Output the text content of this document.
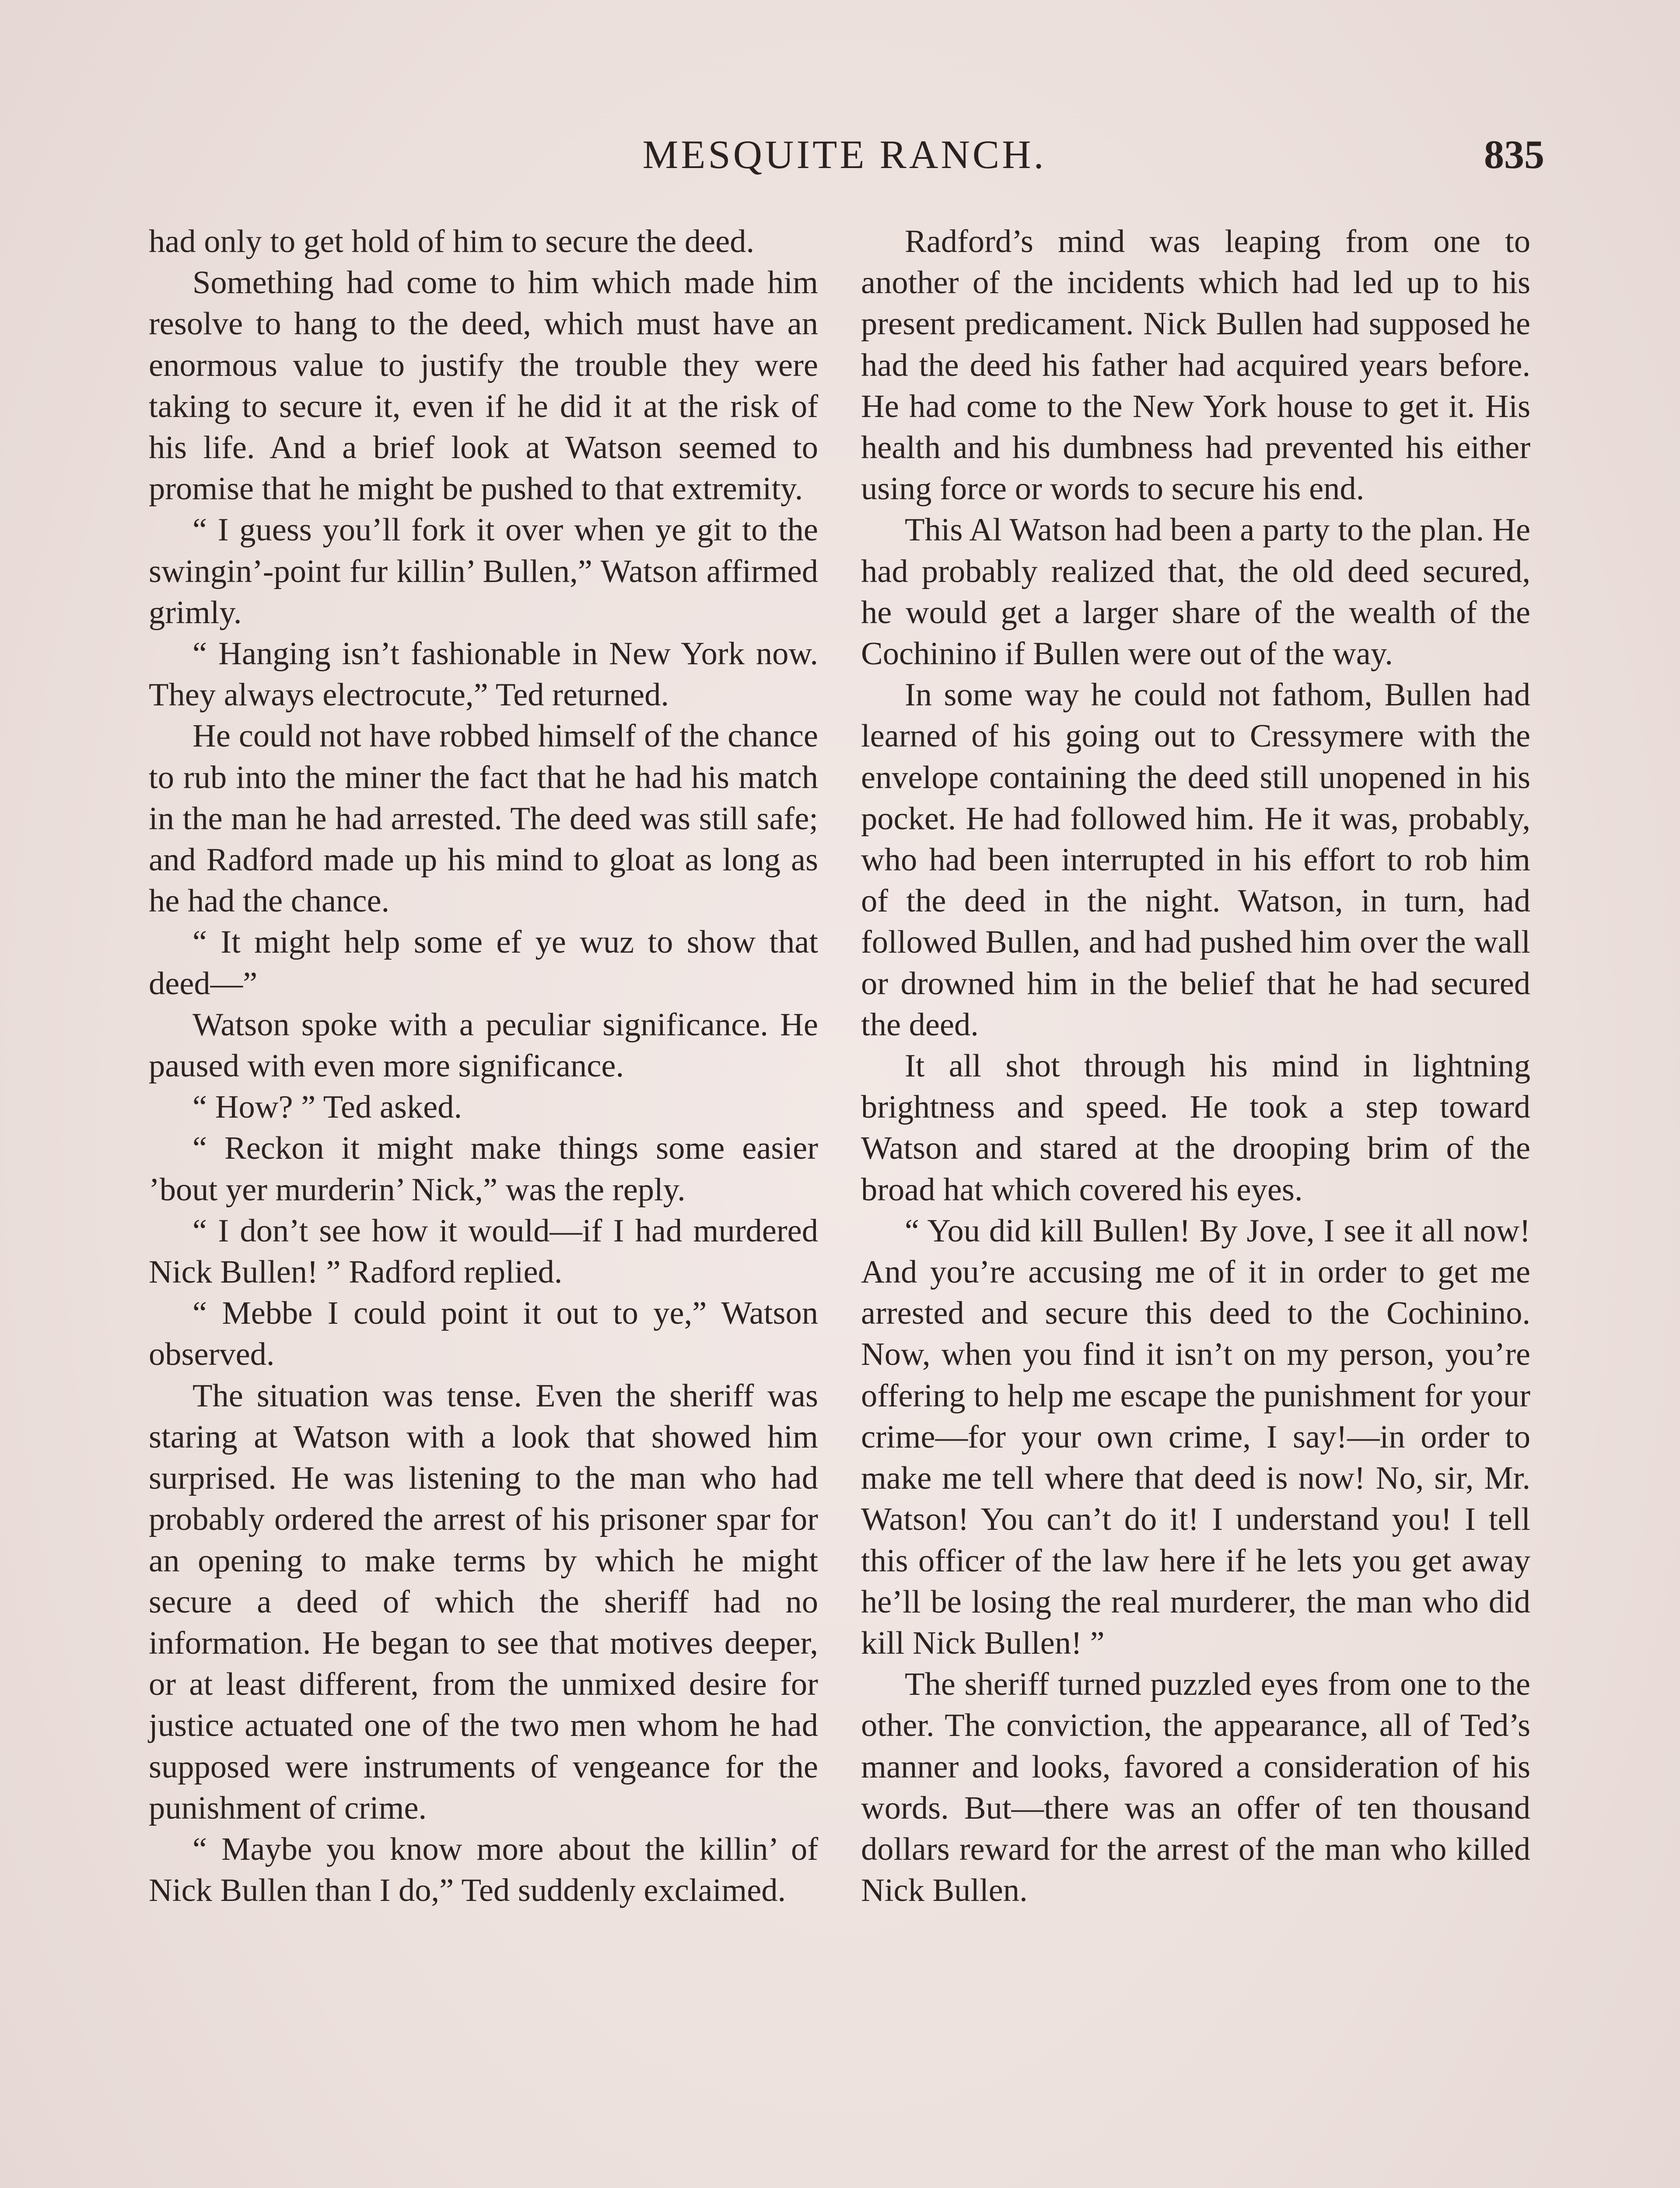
MESQUITE RANCH.	835

had only to get hold of him to secure the deed.

Something had come to him which made him resolve to hang to the deed, which must have an enormous value to justify the trouble they were taking to secure it, even if he did it at the risk of his life. And a brief look at Watson seemed to promise that he might be pushed to that extremity.

“ I guess you’ll fork it over when ye git to the swingin’-point fur killin’ Bullen,” Watson affirmed grimly.

“ Hanging isn’t fashionable in New York now. They always electrocute,” Ted returned.

He could not have robbed himself of the chance to rub into the miner the fact that he had his match in the man he had arrested. The deed was still safe; and Radford made up his mind to gloat as long as he had the chance.

“ It might help some ef ye wuz to show that deed—”

Watson spoke with a peculiar significance. He paused with even more significance.

“ How? ” Ted asked.

“ Reckon it might make things some easier ’bout yer murderin’ Nick,” was the reply.

“ I don’t see how it would—if I had murdered Nick Bullen! ” Radford replied.

“ Mebbe I could point it out to ye,” Watson observed.

The situation was tense. Even the sheriff was staring at Watson with a look that showed him surprised. He was listening to the man who had probably ordered the arrest of his prisoner spar for an opening to make terms by which he might secure a deed of which the sheriff had no information. He began to see that motives deeper, or at least different, from the unmixed desire for justice actuated one of the two men whom he had supposed were instruments of vengeance for the punishment of crime.

“ Maybe you know more about the killin’ of Nick Bullen than I do,” Ted suddenly exclaimed.

Radford’s mind was leaping from one to another of the incidents which had led up to his present predicament. Nick Bullen had supposed he had the deed his father had acquired years before. He had come to the New York house to get it. His health and his dumbness had prevented his either using force or words to secure his end.

This Al Watson had been a party to the plan. He had probably realized that, the old deed secured, he would get a larger share of the wealth of the Cochinino if Bullen were out of the way.

In some way he could not fathom, Bullen had learned of his going out to Cressymere with the envelope containing the deed still unopened in his pocket. He had followed him. He it was, probably, who had been interrupted in his effort to rob him of the deed in the night. Watson, in turn, had followed Bullen, and had pushed him over the wall or drowned him in the belief that he had secured the deed.

It all shot through his mind in lightning brightness and speed. He took a step toward Watson and stared at the drooping brim of the broad hat which covered his eyes.

“ You did kill Bullen! By Jove, I see it all now! And you’re accusing me of it in order to get me arrested and secure this deed to the Cochinino. Now, when you find it isn’t on my person, you’re offering to help me escape the punishment for your crime—for your own crime, I say!—in order to make me tell where that deed is now! No, sir, Mr. Watson! You can’t do it! I understand you! I tell this officer of the law here if he lets you get away he’ll be losing the real murderer, the man who did kill Nick Bullen! ”

The sheriff turned puzzled eyes from one to the other. The conviction, the appearance, all of Ted’s manner and looks, favored a consideration of his words. But—there was an offer of ten thousand dollars reward for the arrest of the man who killed Nick Bullen.
